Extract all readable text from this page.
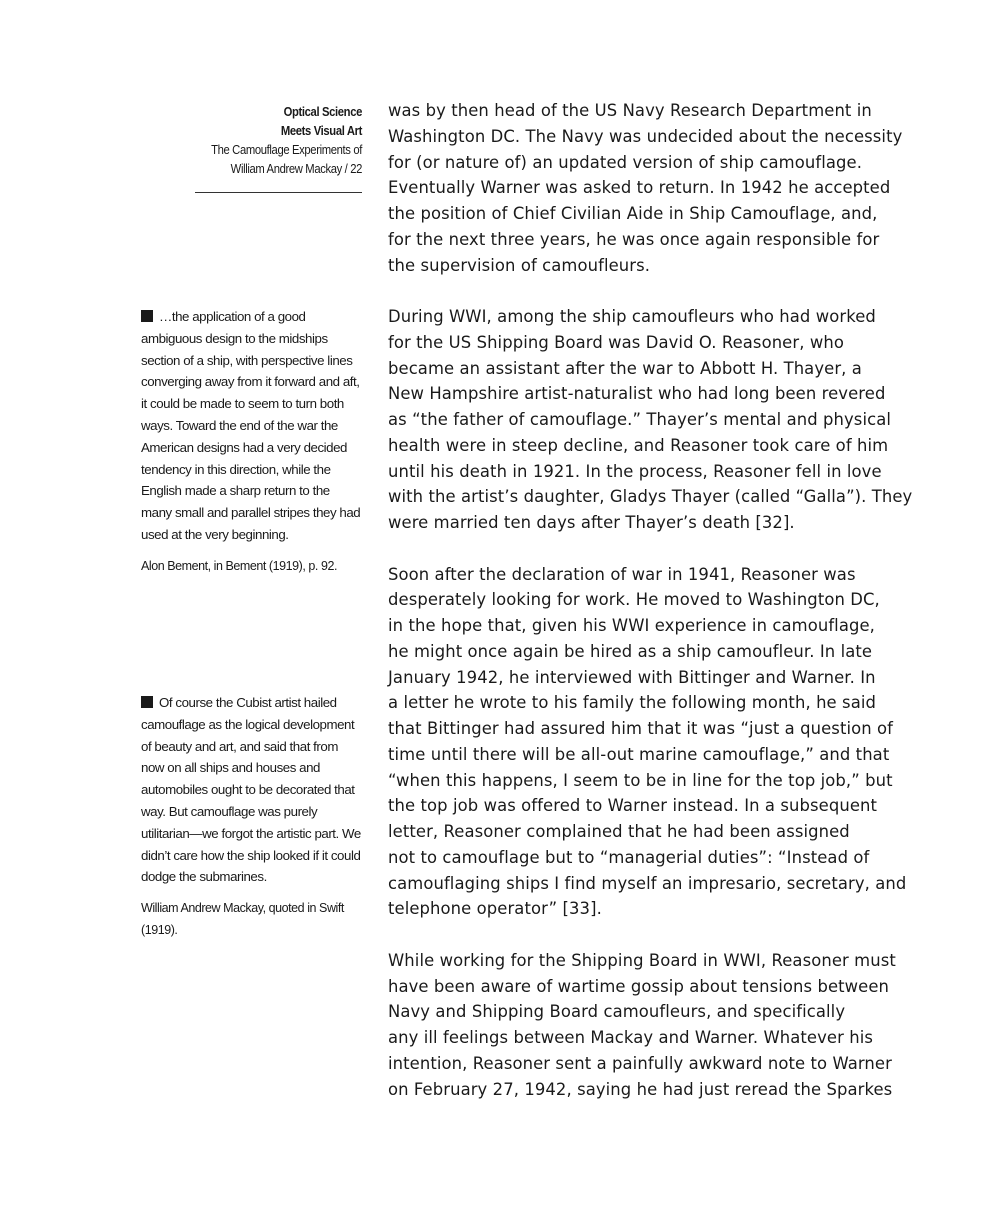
Optical Science
Meets Visual Art
The Camouflage Experiments of
William Andrew Mackay / 22

…the application of a good ambiguous design to the midships section of a ship, with perspective lines converging away from it forward and aft, it could be made to seem to turn both ways. Toward the end of the war the American designs had a very decided tendency in this direction, while the English made a sharp return to the many small and parallel stripes they had used at the very beginning.

Alon Bement, in Bement (1919), p. 92.

Of course the Cubist artist hailed camouflage as the logical development of beauty and art, and said that from now on all ships and houses and automobiles ought to be decorated that way. But camouflage was purely utilitarian—we forgot the artistic part. We didn’t care how the ship looked if it could dodge the submarines.

William Andrew Mackay, quoted in Swift (1919).

was by then head of the US Navy Research Department in
Washington DC. The Navy was undecided about the necessity
for (or nature of) an updated version of ship camouflage.
Eventually Warner was asked to return. In 1942 he accepted
the position of Chief Civilian Aide in Ship Camouflage, and,
for the next three years, he was once again responsible for
the supervision of camoufleurs.

During WWI, among the ship camoufleurs who had worked
for the US Shipping Board was David O. Reasoner, who
became an assistant after the war to Abbott H. Thayer, a
New Hampshire artist-naturalist who had long been revered
as “the father of camouflage.” Thayer’s mental and physical
health were in steep decline, and Reasoner took care of him
until his death in 1921. In the process, Reasoner fell in love
with the artist’s daughter, Gladys Thayer (called “Galla”). They
were married ten days after Thayer’s death [32].

Soon after the declaration of war in 1941, Reasoner was
desperately looking for work. He moved to Washington DC,
in the hope that, given his WWI experience in camouflage,
he might once again be hired as a ship camoufleur. In late
January 1942, he interviewed with Bittinger and Warner. In
a letter he wrote to his family the following month, he said
that Bittinger had assured him that it was “just a question of
time until there will be all-out marine camouflage,” and that
“when this happens, I seem to be in line for the top job,” but
the top job was offered to Warner instead. In a subsequent
letter, Reasoner complained that he had been assigned
not to camouflage but to “managerial duties”: “Instead of
camouflaging ships I find myself an impresario, secretary, and
telephone operator” [33].

While working for the Shipping Board in WWI, Reasoner must
have been aware of wartime gossip about tensions between
Navy and Shipping Board camoufleurs, and specifically
any ill feelings between Mackay and Warner. Whatever his
intention, Reasoner sent a painfully awkward note to Warner
on February 27, 1942, saying he had just reread the Sparkes
